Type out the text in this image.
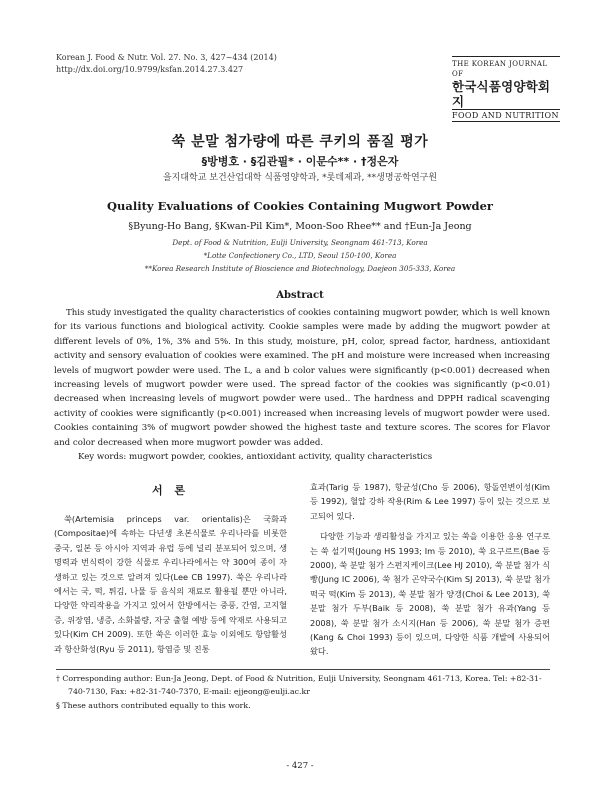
Korean J. Food & Nutr. Vol. 27. No. 3, 427~434 (2014)
http://dx.doi.org/10.9799/ksfan.2014.27.3.427
THE KOREAN JOURNAL OF
한국식품영양학회지
FOOD AND NUTRITION
쑥 분말 첨가량에 따른 쿠키의 품질 평가
§방병호 · §김관필* · 이문수** · †정은자
을지대학교 보건산업대학 식품영양학과, *롯데제과, **생명공학연구원
Quality Evaluations of Cookies Containing Mugwort Powder
§Byung-Ho Bang, §Kwan-Pil Kim*, Moon-Soo Rhee** and †Eun-Ja Jeong
Dept. of Food & Nutrition, Eulji University, Seongnam 461-713, Korea
*Lotte Confectionery Co., LTD, Seoul 150-100, Korea
**Korea Research Institute of Bioscience and Biotechnology, Daejeon 305-333, Korea
Abstract

This study investigated the quality characteristics of cookies containing mugwort powder, which is well known for its various functions and biological activity. Cookie samples were made by adding the mugwort powder at different levels of 0%, 1%, 3% and 5%. In this study, moisture, pH, color, spread factor, hardness, antioxidant activity and sensory evaluation of cookies were examined. The pH and moisture were increased when increasing levels of mugwort powder were used. The L, a and b color values were significantly (p<0.001) decreased when increasing levels of mugwort powder were used. The spread factor of the cookies was significantly (p<0.01) decreased when increasing levels of mugwort powder were used.. The hardness and DPPH radical scavenging activity of cookies were significantly (p<0.001) increased when increasing levels of mugwort powder were used. Cookies containing 3% of mugwort powder showed the highest taste and texture scores. The scores for Flavor and color decreased when more mugwort powder was added.

Key words: mugwort powder, cookies, antioxidant activity, quality characteristics

서 론

쑥(Artemisia princeps var. orientalis)은 국화과(Compositae)에 속하는 다년생 초본식물로 우리나라를 비롯한 중국, 일본 등 아시아 지역과 유럽 등에 널리 분포되어 있으며, 생명력과 번식력이 강한 식물로 우리나라에서는 약 300여 종이 자생하고 있는 것으로 알려져 있다(Lee CB 1997). 쑥은 우리나라에서는 국, 떡, 튀김, 나물 등 음식의 재료로 활용될 뿐만 아니라, 다양한 약리작용을 가지고 있어서 한방에서는 중풍, 간염, 고지혈증, 위장염, 냉증, 소화불량, 자궁 출혈 예방 등에 약재로 사용되고 있다(Kim CH 2009). 또한 쑥은 이러한 효능 이외에도 항암활성과 항산화성(Ryu 등 2011), 항염증 및 진통

효과(Tarig 등 1987), 항균성(Cho 등 2006), 항돌연변이성(Kim 등 1992), 혈압 강하 작용(Rim & Lee 1997) 등이 있는 것으로 보고되어 있다.

다양한 기능과 생리활성을 가지고 있는 쑥을 이용한 응용 연구로는 쑥 설기떡(Joung HS 1993; Im 등 2010), 쑥 요구르트(Bae 등 2000), 쑥 분말 첨가 스펀지케이크(Lee HJ 2010), 쑥 분말 첨가 식빵(Jung IC 2006), 쑥 첨가 곤약국수(Kim SJ 2013), 쑥 분말 첨가 떡국 떡(Kim 등 2013), 쑥 분말 첨가 양갱(Choi & Lee 2013), 쑥 분말 첨가 두부(Baik 등 2008), 쑥 분말 첨가 유과(Yang 등 2008), 쑥 분말 첨가 소시지(Han 등 2006), 쑥 분말 첨가 증편(Kang & Choi 1993) 등이 있으며, 다양한 식품 개발에 사용되어 왔다.

† Corresponding author: Eun-Ja Jeong, Dept. of Food & Nutrition, Eulji University, Seongnam 461-713, Korea. Tel: +82-31-
740-7130, Fax: +82-31-740-7370, E-mail: ejjeong@eulji.ac.kr
§ These authors contributed equally to this work.
- 427 -
